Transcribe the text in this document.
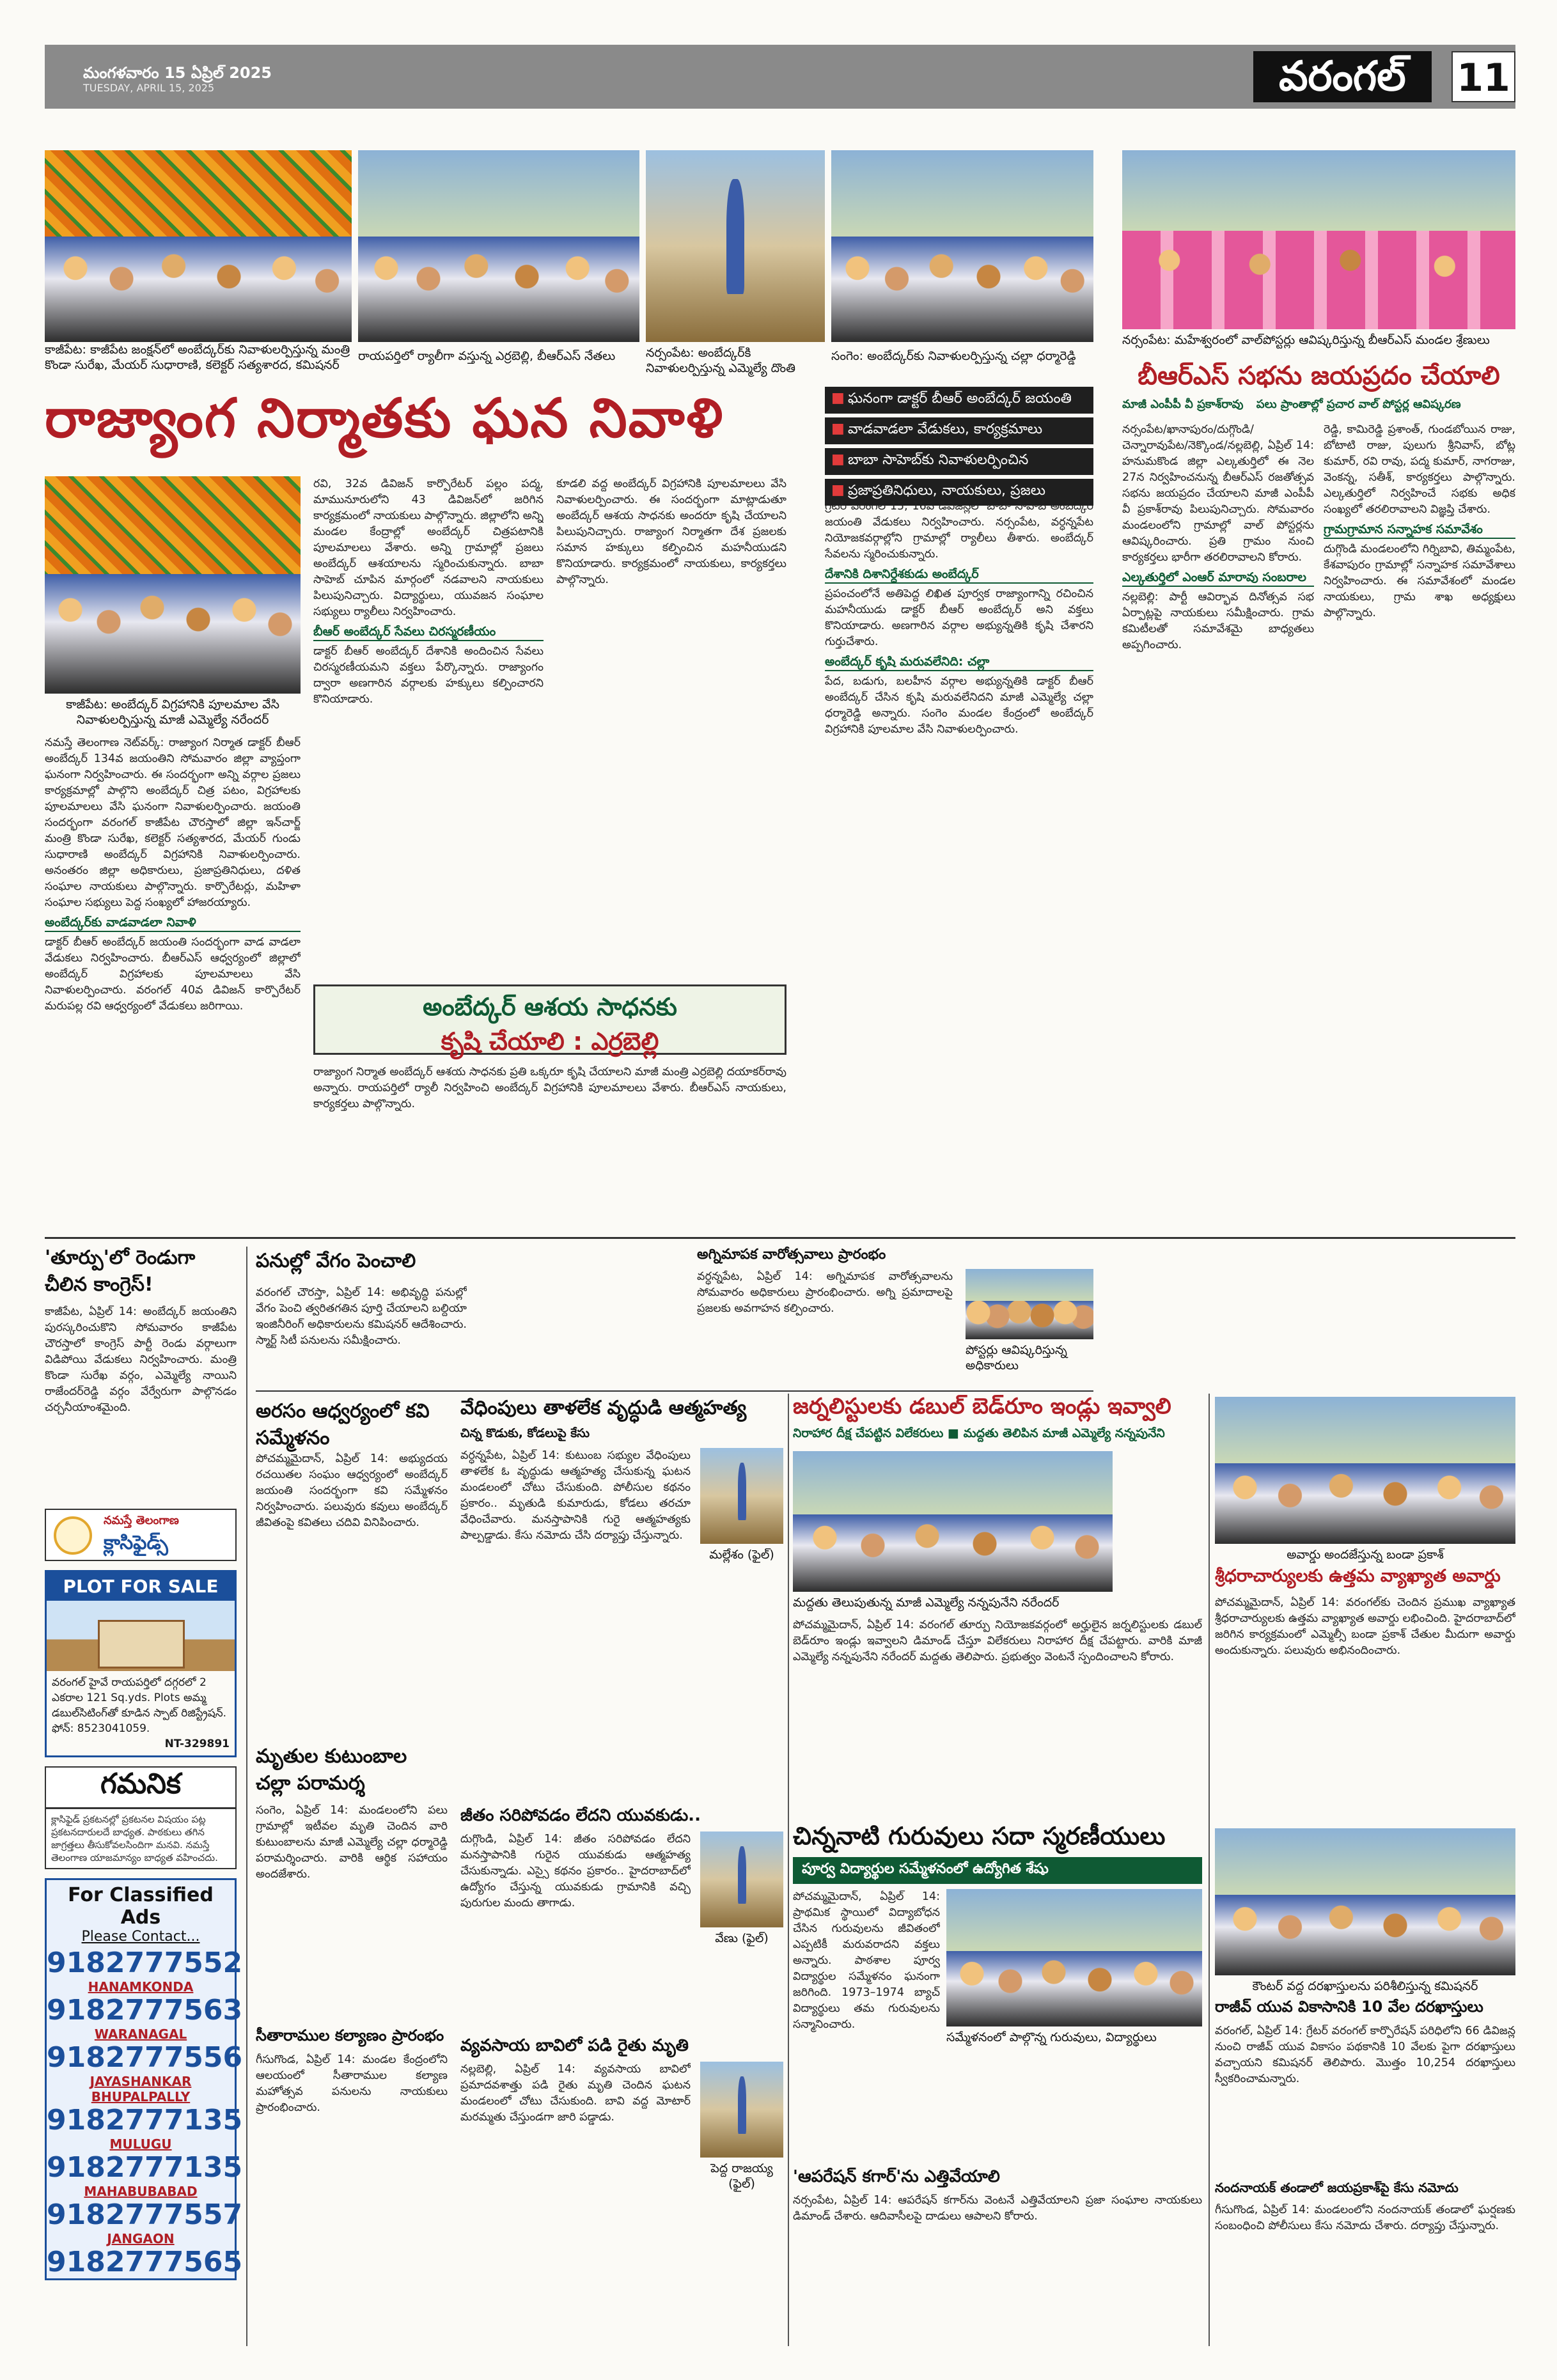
మంగళవారం 15 ఏప్రిల్ 2025
TUESDAY, APRIL 15, 2025	వరంగల్	11
కాజీపేట: కాజీపేట జంక్షన్‌లో అంబేద్కర్‌కు నివాళులర్పిస్తున్న మంత్రి కొండా సురేఖ, మేయర్ సుధారాణి, కలెక్టర్ సత్యశారద, కమిషనర్
రాయపర్తిలో ర్యాలీగా వస్తున్న ఎర్రబెల్లి, బీఆర్ఎస్ నేతలు	నర్సంపేట: అంబేద్కర్‌కి నివాళులర్పిస్తున్న ఎమ్మెల్యే దొంతి
సంగెం: అంబేద్కర్‌కు నివాళులర్పిస్తున్న చల్లా ధర్మారెడ్డి
నర్సంపేట: మహేశ్వరంలో వాల్‌పోస్టర్లు ఆవిష్కరిస్తున్న బీఆర్ఎస్ మండల శ్రేణులు
రాజ్యాంగ నిర్మాతకు ఘన నివాళి
■	ఘనంగా డాక్టర్ బీఆర్ అంబేద్కర్ జయంతి
■ వాడవాడలా వేడుకలు, కార్యక్రమాలు
■ బాబా సాహెబ్‌కు నివాళులర్పించిన
■ ప్రజాప్రతినిధులు, నాయకులు, ప్రజలు
కాజీపేట: అంబేద్కర్ విగ్రహానికి పూలమాల వేసి నివాళులర్పిస్తున్న మాజీ ఎమ్మెల్యే నరేందర్

నమస్తే తెలంగాణ నెట్‌వర్క్: రాజ్యాంగ నిర్మాత డాక్టర్ బీఆర్ అంబేద్కర్ 134వ జయంతిని సోమవారం జిల్లా వ్యాప్తంగా ఘనంగా నిర్వహించారు. ఈ సందర్భంగా అన్ని వర్గాల ప్రజలు కార్యక్రమాల్లో పాల్గొని అంబేద్కర్ చిత్ర పటం, విగ్రహాలకు పూలమాలలు వేసి ఘనంగా నివాళులర్పించారు. జయంతి సందర్భంగా వరంగల్ కాజీపేట చౌరస్తాలో జిల్లా ఇన్‌చార్జ్ మంత్రి కొండా సురేఖ, కలెక్టర్ సత్యశారద, మేయర్ గుండు సుధారాణి అంబేద్కర్ విగ్రహానికి నివాళులర్పించారు. అనంతరం జిల్లా అధికారులు, ప్రజాప్రతినిధులు, దళిత సంఘాల నాయకులు పాల్గొన్నారు. కార్పొరేటర్లు, మహిళా సంఘాల సభ్యులు పెద్ద సంఖ్యలో హాజరయ్యారు.

అంబేద్కర్‌కు వాడవాడలా నివాళి

డాక్టర్ బీఆర్ అంబేద్కర్ జయంతి సందర్భంగా వాడ వాడలా వేడుకలు నిర్వహించారు. బీఆర్ఎస్ ఆధ్వర్యంలో జిల్లాలో అంబేద్కర్ విగ్రహాలకు పూలమాలలు వేసి నివాళులర్పించారు. వరంగల్ 40వ డివిజన్ కార్పొరేటర్ మరుపల్ల రవి ఆధ్వర్యంలో వేడుకలు జరిగాయి.

రవి, 32వ డివిజన్ కార్పొరేటర్ పల్లం పద్మ, మామునూరులోని 43 డివిజన్‌లో జరిగిన కార్యక్రమంలో నాయకులు పాల్గొన్నారు. జిల్లాలోని అన్ని మండల కేంద్రాల్లో అంబేద్కర్ చిత్రపటానికి పూలమాలలు వేశారు. అన్ని గ్రామాల్లో ప్రజలు అంబేద్కర్ ఆశయాలను స్మరించుకున్నారు. బాబా సాహెబ్ చూపిన మార్గంలో నడవాలని నాయకులు పిలుపునిచ్చారు. విద్యార్థులు, యువజన సంఘాల సభ్యులు ర్యాలీలు నిర్వహించారు.

బీఆర్ అంబేద్కర్ సేవలు చిరస్మరణీయం

డాక్టర్ బీఆర్ అంబేద్కర్ దేశానికి అందించిన సేవలు చిరస్మరణీయమని వక్తలు పేర్కొన్నారు. రాజ్యాంగం ద్వారా అణగారిన వర్గాలకు హక్కులు కల్పించారని కొనియాడారు.

కూడలి వద్ద అంబేద్కర్ విగ్రహానికి పూలమాలలు వేసి నివాళులర్పించారు. ఈ సందర్భంగా మాట్లాడుతూ అంబేద్కర్ ఆశయ సాధనకు అందరూ కృషి చేయాలని పిలుపునిచ్చారు. రాజ్యాంగ నిర్మాతగా దేశ ప్రజలకు సమాన హక్కులు కల్పించిన మహనీయుడని కొనియాడారు. కార్యక్రమంలో నాయకులు, కార్యకర్తలు పాల్గొన్నారు.

గ్రేటర్ వరంగల్ 15, 16వ డివిజన్లలో బాబా సాహెబ్ అంబేద్కర్ జయంతి వేడుకలు నిర్వహించారు. నర్సంపేట, వర్ధన్నపేట నియోజకవర్గాల్లోని గ్రామాల్లో ర్యాలీలు తీశారు. అంబేద్కర్ సేవలను స్మరించుకున్నారు.

దేశానికి దిశానిర్దేశకుడు అంబేద్కర్

ప్రపంచంలోనే అతిపెద్ద లిఖిత పూర్వక రాజ్యాంగాన్ని రచించిన మహనీయుడు డాక్టర్ బీఆర్ అంబేద్కర్ అని వక్తలు కొనియాడారు. అణగారిన వర్గాల అభ్యున్నతికి కృషి చేశారని గుర్తుచేశారు.

అంబేద్కర్ కృషి మరువలేనిది: చల్లా

పేద, బడుగు, బలహీన వర్గాల అభ్యున్నతికి డాక్టర్ బీఆర్ అంబేద్కర్ చేసిన కృషి మరువలేనిదని మాజీ ఎమ్మెల్యే చల్లా ధర్మారెడ్డి అన్నారు. సంగెం మండల కేంద్రంలో అంబేద్కర్ విగ్రహానికి పూలమాల వేసి నివాళులర్పించారు.

అంబేద్కర్ ఆశయ సాధనకు
కృషి చేయాలి : ఎర్రబెల్లి

రాజ్యాంగ నిర్మాత అంబేద్కర్ ఆశయ సాధనకు ప్రతి ఒక్కరూ కృషి చేయాలని మాజీ మంత్రి ఎర్రబెల్లి దయాకర్‌రావు అన్నారు. రాయపర్తిలో ర్యాలీ నిర్వహించి అంబేద్కర్ విగ్రహానికి పూలమాలలు వేశారు. బీఆర్ఎస్ నాయకులు, కార్యకర్తలు పాల్గొన్నారు.

బీఆర్ఎస్ సభను జయప్రదం చేయాలి
మాజీ ఎంపీపీ వీ ప్రకాశ్‌రావు పలు ప్రాంతాల్లో ప్రచార వాల్ పోస్టర్ల ఆవిష్కరణ

నర్సంపేట/ఖానాపురం/దుగ్గొండి/చెన్నారావుపేట/నెక్కొండ/నల్లబెల్లి, ఏప్రిల్ 14: హనుమకొండ జిల్లా ఎల్కతుర్తిలో ఈ నెల 27న నిర్వహించనున్న బీఆర్ఎస్ రజతోత్సవ సభను జయప్రదం చేయాలని మాజీ ఎంపీపీ వీ ప్రకాశ్‌రావు పిలుపునిచ్చారు. సోమవారం మండలంలోని గ్రామాల్లో వాల్ పోస్టర్లను ఆవిష్కరించారు. ప్రతి గ్రామం నుంచి కార్యకర్తలు భారీగా తరలిరావాలని కోరారు.

ఎల్కతుర్తిలో ఎంఆర్ మారావు సంబరాల

నల్లబెల్లి: పార్టీ ఆవిర్భావ దినోత్సవ సభ ఏర్పాట్లపై నాయకులు సమీక్షించారు. గ్రామ కమిటీలతో సమావేశమై బాధ్యతలు అప్పగించారు.

రెడ్డి, కామిరెడ్డి ప్రశాంత్, గుండబోయిన రాజు, బోటాటి రాజు, పులుగు శ్రీనివాస్, బోట్ల కుమార్, రవి రావు, పద్మ కుమార్, నాగరాజు, వెంకన్న, సతీశ్, కార్యకర్తలు పాల్గొన్నారు. ఎల్కతుర్తిలో నిర్వహించే సభకు అధిక సంఖ్యలో తరలిరావాలని విజ్ఞప్తి చేశారు.

గ్రామగ్రామాన సన్నాహక సమావేశం

దుగ్గొండి మండలంలోని గిర్నిబావి, తిమ్మంపేట, కేశవాపురం గ్రామాల్లో సన్నాహక సమావేశాలు నిర్వహించారు. ఈ సమావేశంలో మండల నాయకులు, గ్రామ శాఖ అధ్యక్షులు పాల్గొన్నారు.

'తూర్పు'లో రెండుగా చీలిన కాంగ్రెస్!

కాజీపేట, ఏప్రిల్ 14: అంబేద్కర్ జయంతిని పురస్కరించుకొని సోమవారం కాజీపేట చౌరస్తాలో కాంగ్రెస్ పార్టీ రెండు వర్గాలుగా విడిపోయి వేడుకలు నిర్వహించారు. మంత్రి కొండా సురేఖ వర్గం, ఎమ్మెల్యే నాయిని రాజేందర్‌రెడ్డి వర్గం వేర్వేరుగా పాల్గొనడం చర్చనీయాంశమైంది.

పనుల్లో వేగం పెంచాలి

వరంగల్ చౌరస్తా, ఏప్రిల్ 14: అభివృద్ధి పనుల్లో వేగం పెంచి త్వరితగతిన పూర్తి చేయాలని బల్దియా ఇంజినీరింగ్ అధికారులను కమిషనర్ ఆదేశించారు. స్మార్ట్ సిటీ పనులను సమీక్షించారు.

అగ్నిమాపక వారోత్సవాలు ప్రారంభం

వర్ధన్నపేట, ఏప్రిల్ 14: అగ్నిమాపక వారోత్సవాలను సోమవారం అధికారులు ప్రారంభించారు. అగ్ని ప్రమాదాలపై ప్రజలకు అవగాహన కల్పించారు.

పోస్టర్లు ఆవిష్కరిస్తున్న అధికారులు
అరసం ఆధ్వర్యంలో కవి సమ్మేళనం

పోచమ్మమైదాన్, ఏప్రిల్ 14: అభ్యుదయ రచయితల సంఘం ఆధ్వర్యంలో అంబేద్కర్ జయంతి సందర్భంగా కవి సమ్మేళనం నిర్వహించారు. పలువురు కవులు అంబేద్కర్ జీవితంపై కవితలు చదివి వినిపించారు.

మృతుల కుటుంబాల చల్లా పరామర్శ

సంగెం, ఏప్రిల్ 14: మండలంలోని పలు గ్రామాల్లో ఇటీవల మృతి చెందిన వారి కుటుంబాలను మాజీ ఎమ్మెల్యే చల్లా ధర్మారెడ్డి పరామర్శించారు. వారికి ఆర్థిక సహాయం అందజేశారు.

సీతారాముల కల్యాణం ప్రారంభం

గీసుగొండ, ఏప్రిల్ 14: మండల కేంద్రంలోని ఆలయంలో సీతారాముల కల్యాణ మహోత్సవ పనులను నాయకులు ప్రారంభించారు.

వేధింపులు తాళలేక వృద్ధుడి ఆత్మహత్య
చిన్న కొడుకు, కోడలుపై కేసు

వర్ధన్నపేట, ఏప్రిల్ 14: కుటుంబ సభ్యుల వేధింపులు తాళలేక ఓ వృద్ధుడు ఆత్మహత్య చేసుకున్న ఘటన మండలంలో చోటు చేసుకుంది. పోలీసుల కథనం ప్రకారం.. మృతుడి కుమారుడు, కోడలు తరచూ వేధించేవారు. మనస్తాపానికి గురై ఆత్మహత్యకు పాల్పడ్డాడు. కేసు నమోదు చేసి దర్యాప్తు చేస్తున్నారు.

మల్లేశం (ఫైల్)
జీతం సరిపోవడం లేదని యువకుడు..

దుగ్గొండి, ఏప్రిల్ 14: జీతం సరిపోవడం లేదని మనస్తాపానికి గురైన యువకుడు ఆత్మహత్య చేసుకున్నాడు. ఎస్సై కథనం ప్రకారం.. హైదరాబాద్‌లో ఉద్యోగం చేస్తున్న యువకుడు గ్రామానికి వచ్చి పురుగుల మందు తాగాడు.

వేణు (ఫైల్)
వ్యవసాయ బావిలో పడి రైతు మృతి

నల్లబెల్లి, ఏప్రిల్ 14: వ్యవసాయ బావిలో ప్రమాదవశాత్తు పడి రైతు మృతి చెందిన ఘటన మండలంలో చోటు చేసుకుంది. బావి వద్ద మోటార్ మరమ్మతు చేస్తుండగా జారి పడ్డాడు.

పెద్ద రాజయ్య (ఫైల్)
జర్నలిస్టులకు డబుల్ బెడ్‌రూం ఇండ్లు ఇవ్వాలి
నిరాహార దీక్ష చేపట్టిన విలేకరులు ■ మద్దతు తెలిపిన మాజీ ఎమ్మెల్యే నన్నపునేని
మద్దతు తెలుపుతున్న మాజీ ఎమ్మెల్యే నన్నపునేని నరేందర్

పోచమ్మమైదాన్, ఏప్రిల్ 14: వరంగల్ తూర్పు నియోజకవర్గంలో అర్హులైన జర్నలిస్టులకు డబుల్ బెడ్‌రూం ఇండ్లు ఇవ్వాలని డిమాండ్ చేస్తూ విలేకరులు నిరాహార దీక్ష చేపట్టారు. వారికి మాజీ ఎమ్మెల్యే నన్నపునేని నరేందర్ మద్దతు తెలిపారు. ప్రభుత్వం వెంటనే స్పందించాలని కోరారు.

చిన్ననాటి గురువులు సదా స్మరణీయులు
పూర్వ విద్యార్థుల సమ్మేళనంలో ఉద్యోగిత శేషు

పోచమ్మమైదాన్, ఏప్రిల్ 14: ప్రాథమిక స్థాయిలో విద్యాబోధన చేసిన గురువులను జీవితంలో ఎప్పటికీ మరువరాదని వక్తలు అన్నారు. పాఠశాల పూర్వ విద్యార్థుల సమ్మేళనం ఘనంగా జరిగింది. 1973–1974 బ్యాచ్ విద్యార్థులు తమ గురువులను సన్మానించారు.

సమ్మేళనంలో పాల్గొన్న గురువులు, విద్యార్థులు
'ఆపరేషన్ కగార్‌'ను ఎత్తివేయాలి

నర్సంపేట, ఏప్రిల్ 14: ఆపరేషన్ కగార్‌ను వెంటనే ఎత్తివేయాలని ప్రజా సంఘాల నాయకులు డిమాండ్ చేశారు. ఆదివాసీలపై దాడులు ఆపాలని కోరారు.

అవార్డు అందజేస్తున్న బండా ప్రకాశ్
శ్రీధరాచార్యులకు ఉత్తమ వ్యాఖ్యాత అవార్డు

పోచమ్మమైదాన్, ఏప్రిల్ 14: వరంగల్‌కు చెందిన ప్రముఖ వ్యాఖ్యాత శ్రీధరాచార్యులకు ఉత్తమ వ్యాఖ్యాత అవార్డు లభించింది. హైదరాబాద్‌లో జరిగిన కార్యక్రమంలో ఎమ్మెల్సీ బండా ప్రకాశ్ చేతుల మీదుగా అవార్డు అందుకున్నారు. పలువురు అభినందించారు.

కౌంటర్ వద్ద దరఖాస్తులను పరిశీలిస్తున్న కమిషనర్
రాజీవ్ యువ వికాసానికి 10 వేల దరఖాస్తులు

వరంగల్, ఏప్రిల్ 14: గ్రేటర్ వరంగల్ కార్పొరేషన్ పరిధిలోని 66 డివిజన్ల నుంచి రాజీవ్ యువ వికాసం పథకానికి 10 వేలకు పైగా దరఖాస్తులు వచ్చాయని కమిషనర్ తెలిపారు. మొత్తం 10,254 దరఖాస్తులు స్వీకరించామన్నారు.

నందనాయక్ తండాలో జయప్రకాశ్‌పై కేసు నమోదు

గీసుగొండ, ఏప్రిల్ 14: మండలంలోని నందనాయక్ తండాలో ఘర్షణకు సంబంధించి పోలీసులు కేసు నమోదు చేశారు. దర్యాప్తు చేస్తున్నారు.

నమస్తే తెలంగాణ
క్లాసిఫైడ్స్
PLOT FOR SALE
వరంగల్ హైవే రాయపర్తిలో దగ్గరలో 2 ఎకరాల 121 Sq.yds. Plots అమ్మ డబుల్‌సిటింగ్‌తో కూడిన స్పాట్ రిజిస్ట్రేషన్. ఫోన్: 8523041059.
NT-329891
గమనిక
క్లాసిఫైడ్ ప్రకటనల్లో ప్రకటనల విషయం పట్ల ప్రకటనదారులదే బాధ్యత. పాఠకులు తగిన జాగ్రత్తలు తీసుకోవలసిందిగా మనవి. నమస్తే తెలంగాణ యాజమాన్యం బాధ్యత వహించదు.
For Classified Ads
Please Contact...
9182777552
HANAMKONDA
9182777563
WARANAGAL
9182777556
JAYASHANKAR BHUPALPALLY
9182777135
MULUGU
9182777135
MAHABUBABAD
9182777557
JANGAON
9182777565
